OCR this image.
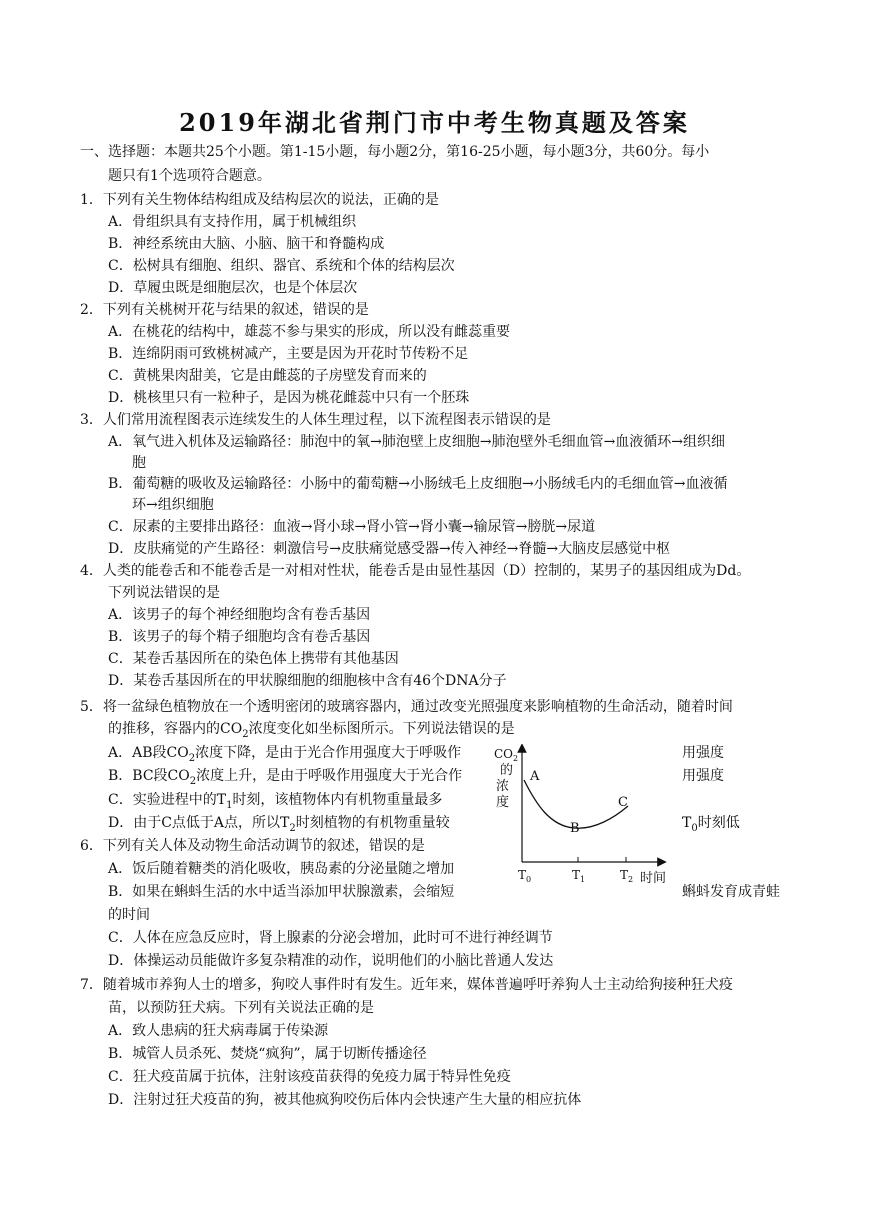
2019年湖北省荆门市中考生物真题及答案
一、选择题：本题共25个小题。第1-15小题，每小题2分，第16-25小题，每小题3分，共60分。每小
题只有1个选项符合题意。
1．下列有关生物体结构组成及结构层次的说法，正确的是
A．骨组织具有支持作用，属于机械组织
B．神经系统由大脑、小脑、脑干和脊髓构成
C．松树具有细胞、组织、器官、系统和个体的结构层次
D．草履虫既是细胞层次，也是个体层次
2．下列有关桃树开花与结果的叙述，错误的是
A．在桃花的结构中，雄蕊不参与果实的形成，所以没有雌蕊重要
B．连绵阴雨可致桃树减产，主要是因为开花时节传粉不足
C．黄桃果肉甜美，它是由雌蕊的子房壁发育而来的
D．桃核里只有一粒种子，是因为桃花雌蕊中只有一个胚珠
3．人们常用流程图表示连续发生的人体生理过程，以下流程图表示错误的是
A．氧气进入机体及运输路径：肺泡中的氧→肺泡壁上皮细胞→肺泡壁外毛细血管→血液循环→组织细
胞
B．葡萄糖的吸收及运输路径：小肠中的葡萄糖→小肠绒毛上皮细胞→小肠绒毛内的毛细血管→血液循
环→组织细胞
C．尿素的主要排出路径：血液→肾小球→肾小管→肾小囊→输尿管→膀胱→尿道
D．皮肤痛觉的产生路径：刺激信号→皮肤痛觉感受器→传入神经→脊髓→大脑皮层感觉中枢
4．人类的能卷舌和不能卷舌是一对相对性状，能卷舌是由显性基因（D）控制的，某男子的基因组成为Dd。
下列说法错误的是
A．该男子的每个神经细胞均含有卷舌基因
B．该男子的每个精子细胞均含有卷舌基因
C．某卷舌基因所在的染色体上携带有其他基因
D．某卷舌基因所在的甲状腺细胞的细胞核中含有46个DNA分子
5．将一盆绿色植物放在一个透明密闭的玻璃容器内，通过改变光照强度来影响植物的生命活动，随着时间
的推移，容器内的$CO_2$浓度变化如坐标图所示。下列说法错误的是
A．AB段$CO_2$浓度下降，是由于光合作用强度大于呼吸作	用强度
B．BC段$CO_2$浓度上升，是由于呼吸作用强度大于光合作	用强度
C．实验进程中的$T_1$时刻，该植物体内有机物重量最多
D．由于C点低于A点，所以$T_2$时刻植物的有机物重量较	$T_0$时刻低
$CO_2$
的
浓
度
A
B
C
$T_0$	$T_1$	$T_2$ 时间
6．下列有关人体及动物生命活动调节的叙述，错误的是
A．饭后随着糖类的消化吸收，胰岛素的分泌量随之增加
B．如果在蝌蚪生活的水中适当添加甲状腺激素，会缩短	蝌蚪发育成青蛙
的时间
C．人体在应急反应时，肾上腺素的分泌会增加，此时可不进行神经调节
D．体操运动员能做许多复杂精准的动作，说明他们的小脑比普通人发达
7．随着城市养狗人士的增多，狗咬人事件时有发生。近年来，媒体普遍呼吁养狗人士主动给狗接种狂犬疫
苗，以预防狂犬病。下列有关说法正确的是
A．致人患病的狂犬病毒属于传染源
B．城管人员杀死、焚烧“疯狗”，属于切断传播途径
C．狂犬疫苗属于抗体，注射该疫苗获得的免疫力属于特异性免疫
D．注射过狂犬疫苗的狗，被其他疯狗咬伤后体内会快速产生大量的相应抗体
